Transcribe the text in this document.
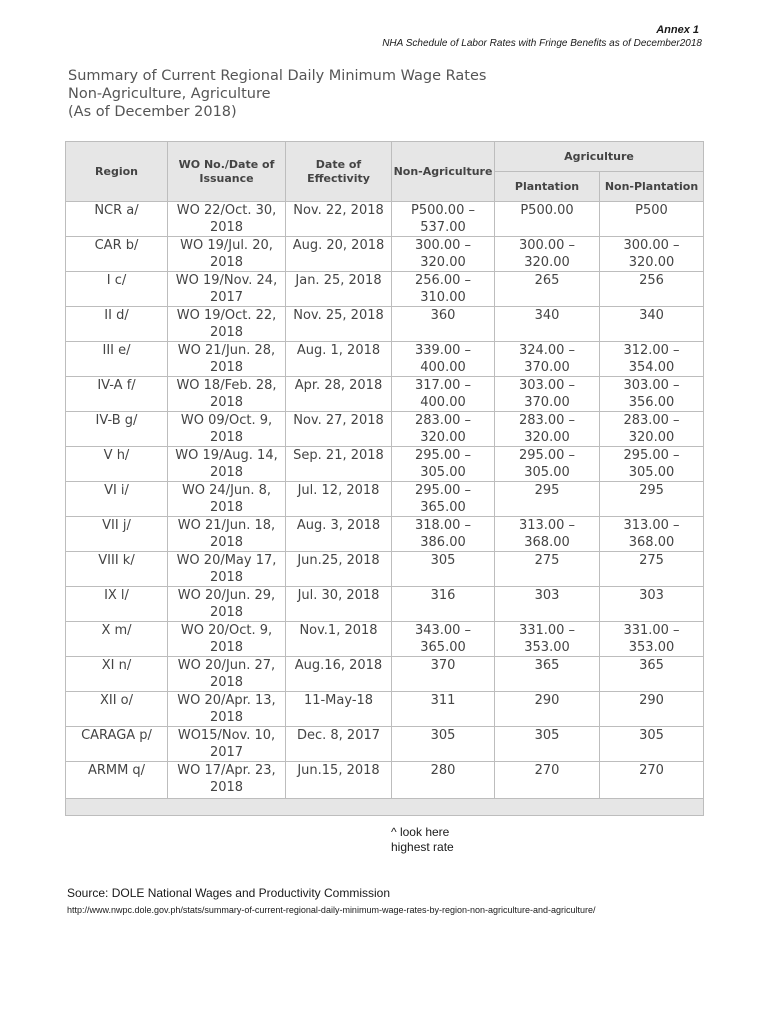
Annex 1
NHA Schedule of Labor Rates with Fringe Benefits as of December2018
Summary of Current Regional Daily Minimum Wage Rates
Non-Agriculture, Agriculture
(As of December 2018)
Region	WO No./Date of Issuance	Date of Effectivity	Non-Agriculture	Agriculture	
				Plantation	Non-Plantation
NCR a/	WO 22/Oct. 30, 2018	Nov. 22, 2018	P500.00 – 537.00	P500.00	P500
CAR b/	WO 19/Jul. 20, 2018	Aug. 20, 2018	300.00 – 320.00	300.00 – 320.00	300.00 – 320.00
I c/	WO 19/Nov. 24, 2017	Jan. 25, 2018	256.00 – 310.00	265	256
II d/	WO 19/Oct. 22, 2018	Nov. 25, 2018	360	340	340
III e/	WO 21/Jun. 28, 2018	Aug. 1, 2018	339.00 – 400.00	324.00 – 370.00	312.00 – 354.00
IV-A f/	WO 18/Feb. 28, 2018	Apr. 28, 2018	317.00 – 400.00	303.00 – 370.00	303.00 – 356.00
IV-B g/	WO 09/Oct. 9, 2018	Nov. 27, 2018	283.00 – 320.00	283.00 – 320.00	283.00 – 320.00
V h/	WO 19/Aug. 14, 2018	Sep. 21, 2018	295.00 – 305.00	295.00 – 305.00	295.00 – 305.00
VI i/	WO 24/Jun. 8, 2018	Jul. 12, 2018	295.00 – 365.00	295	295
VII j/	WO 21/Jun. 18, 2018	Aug. 3, 2018	318.00 – 386.00	313.00 – 368.00	313.00 – 368.00
VIII k/	WO 20/May 17, 2018	Jun.25, 2018	305	275	275
IX l/	WO 20/Jun. 29, 2018	Jul. 30, 2018	316	303	303
X m/	WO 20/Oct. 9, 2018	Nov.1, 2018	343.00 – 365.00	331.00 – 353.00	331.00 – 353.00
XI n/	WO 20/Jun. 27, 2018	Aug.16, 2018	370	365	365
XII o/	WO 20/Apr. 13, 2018	11-May-18	311	290	290
CARAGA p/	WO15/Nov. 10, 2017	Dec. 8, 2017	305	305	305
ARMM q/	WO 17/Apr. 23, 2018	Jun.15, 2018	280	270	270

^ look here
highest rate
Source: DOLE National Wages and Productivity Commission
http://www.nwpc.dole.gov.ph/stats/summary-of-current-regional-daily-minimum-wage-rates-by-region-non-agriculture-and-agriculture/
